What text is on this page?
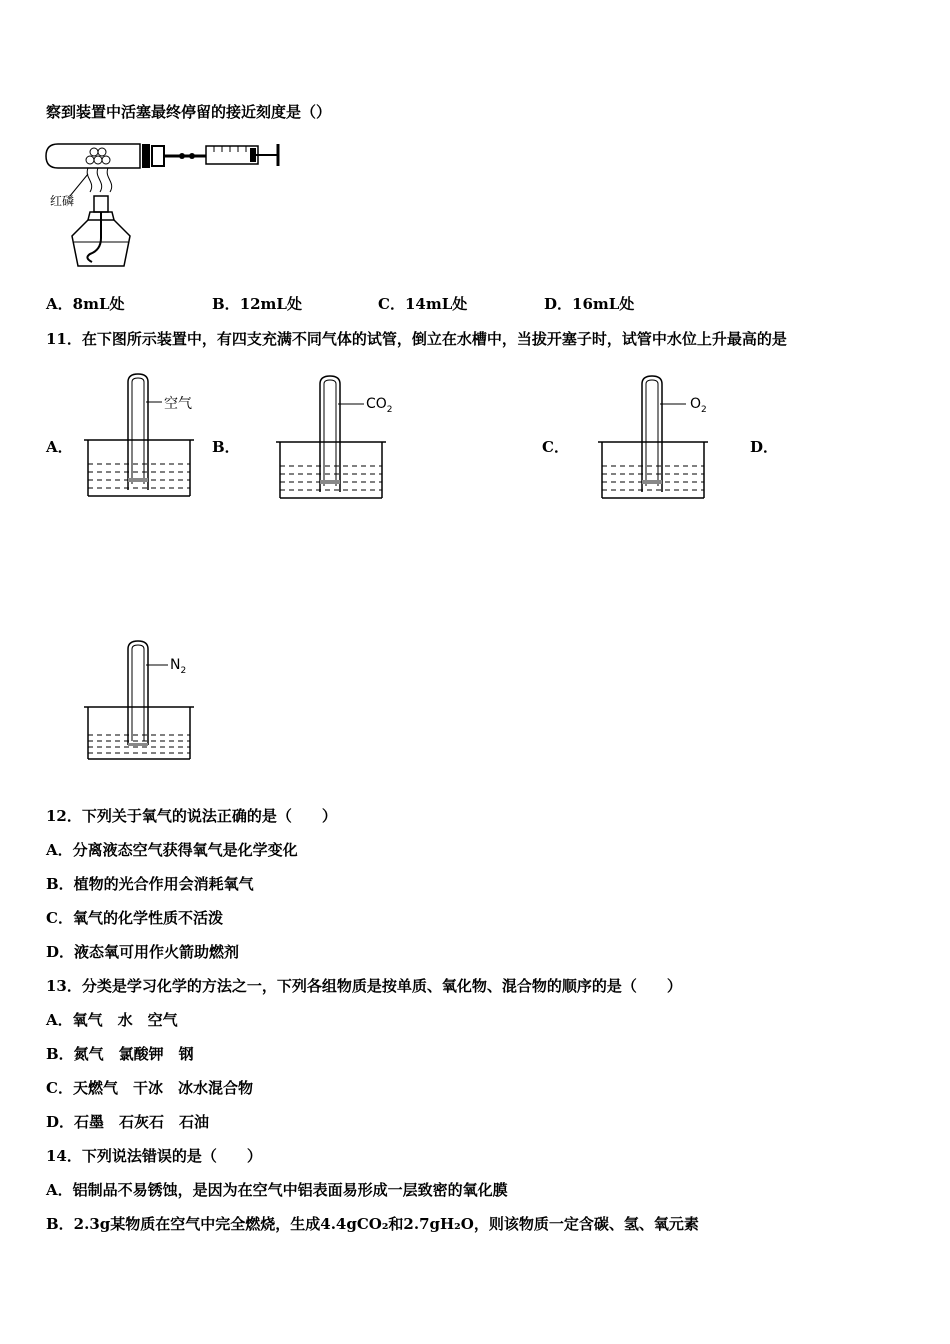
察到装置中活塞最终停留的接近刻度是（）
红磷
A．8mL处	B．12mL处	C．14mL处	D．16mL处
11．在下图所示装置中，有四支充满不同气体的试管，倒立在水槽中，当拔开塞子时，试管中水位上升最高的是
A．
空气
B．
$CO_2$
C．
$O_2$
D．
$N_2$
12．下列关于氧气的说法正确的是（　　）
A．分离液态空气获得氧气是化学变化
B．植物的光合作用会消耗氧气
C．氧气的化学性质不活泼
D．液态氧可用作火箭助燃剂
13．分类是学习化学的方法之一，下列各组物质是按单质、氧化物、混合物的顺序的是（　　）
A．氧气　水　空气
B．氮气　氯酸钾　钢
C．天燃气　干冰　冰水混合物
D．石墨　石灰石　石油
14．下列说法错误的是（　　）
A．铝制品不易锈蚀，是因为在空气中铝表面易形成一层致密的氧化膜
B．2.3g某物质在空气中完全燃烧，生成4.4gCO₂和2.7gH₂O，则该物质一定含碳、氢、氧元素
